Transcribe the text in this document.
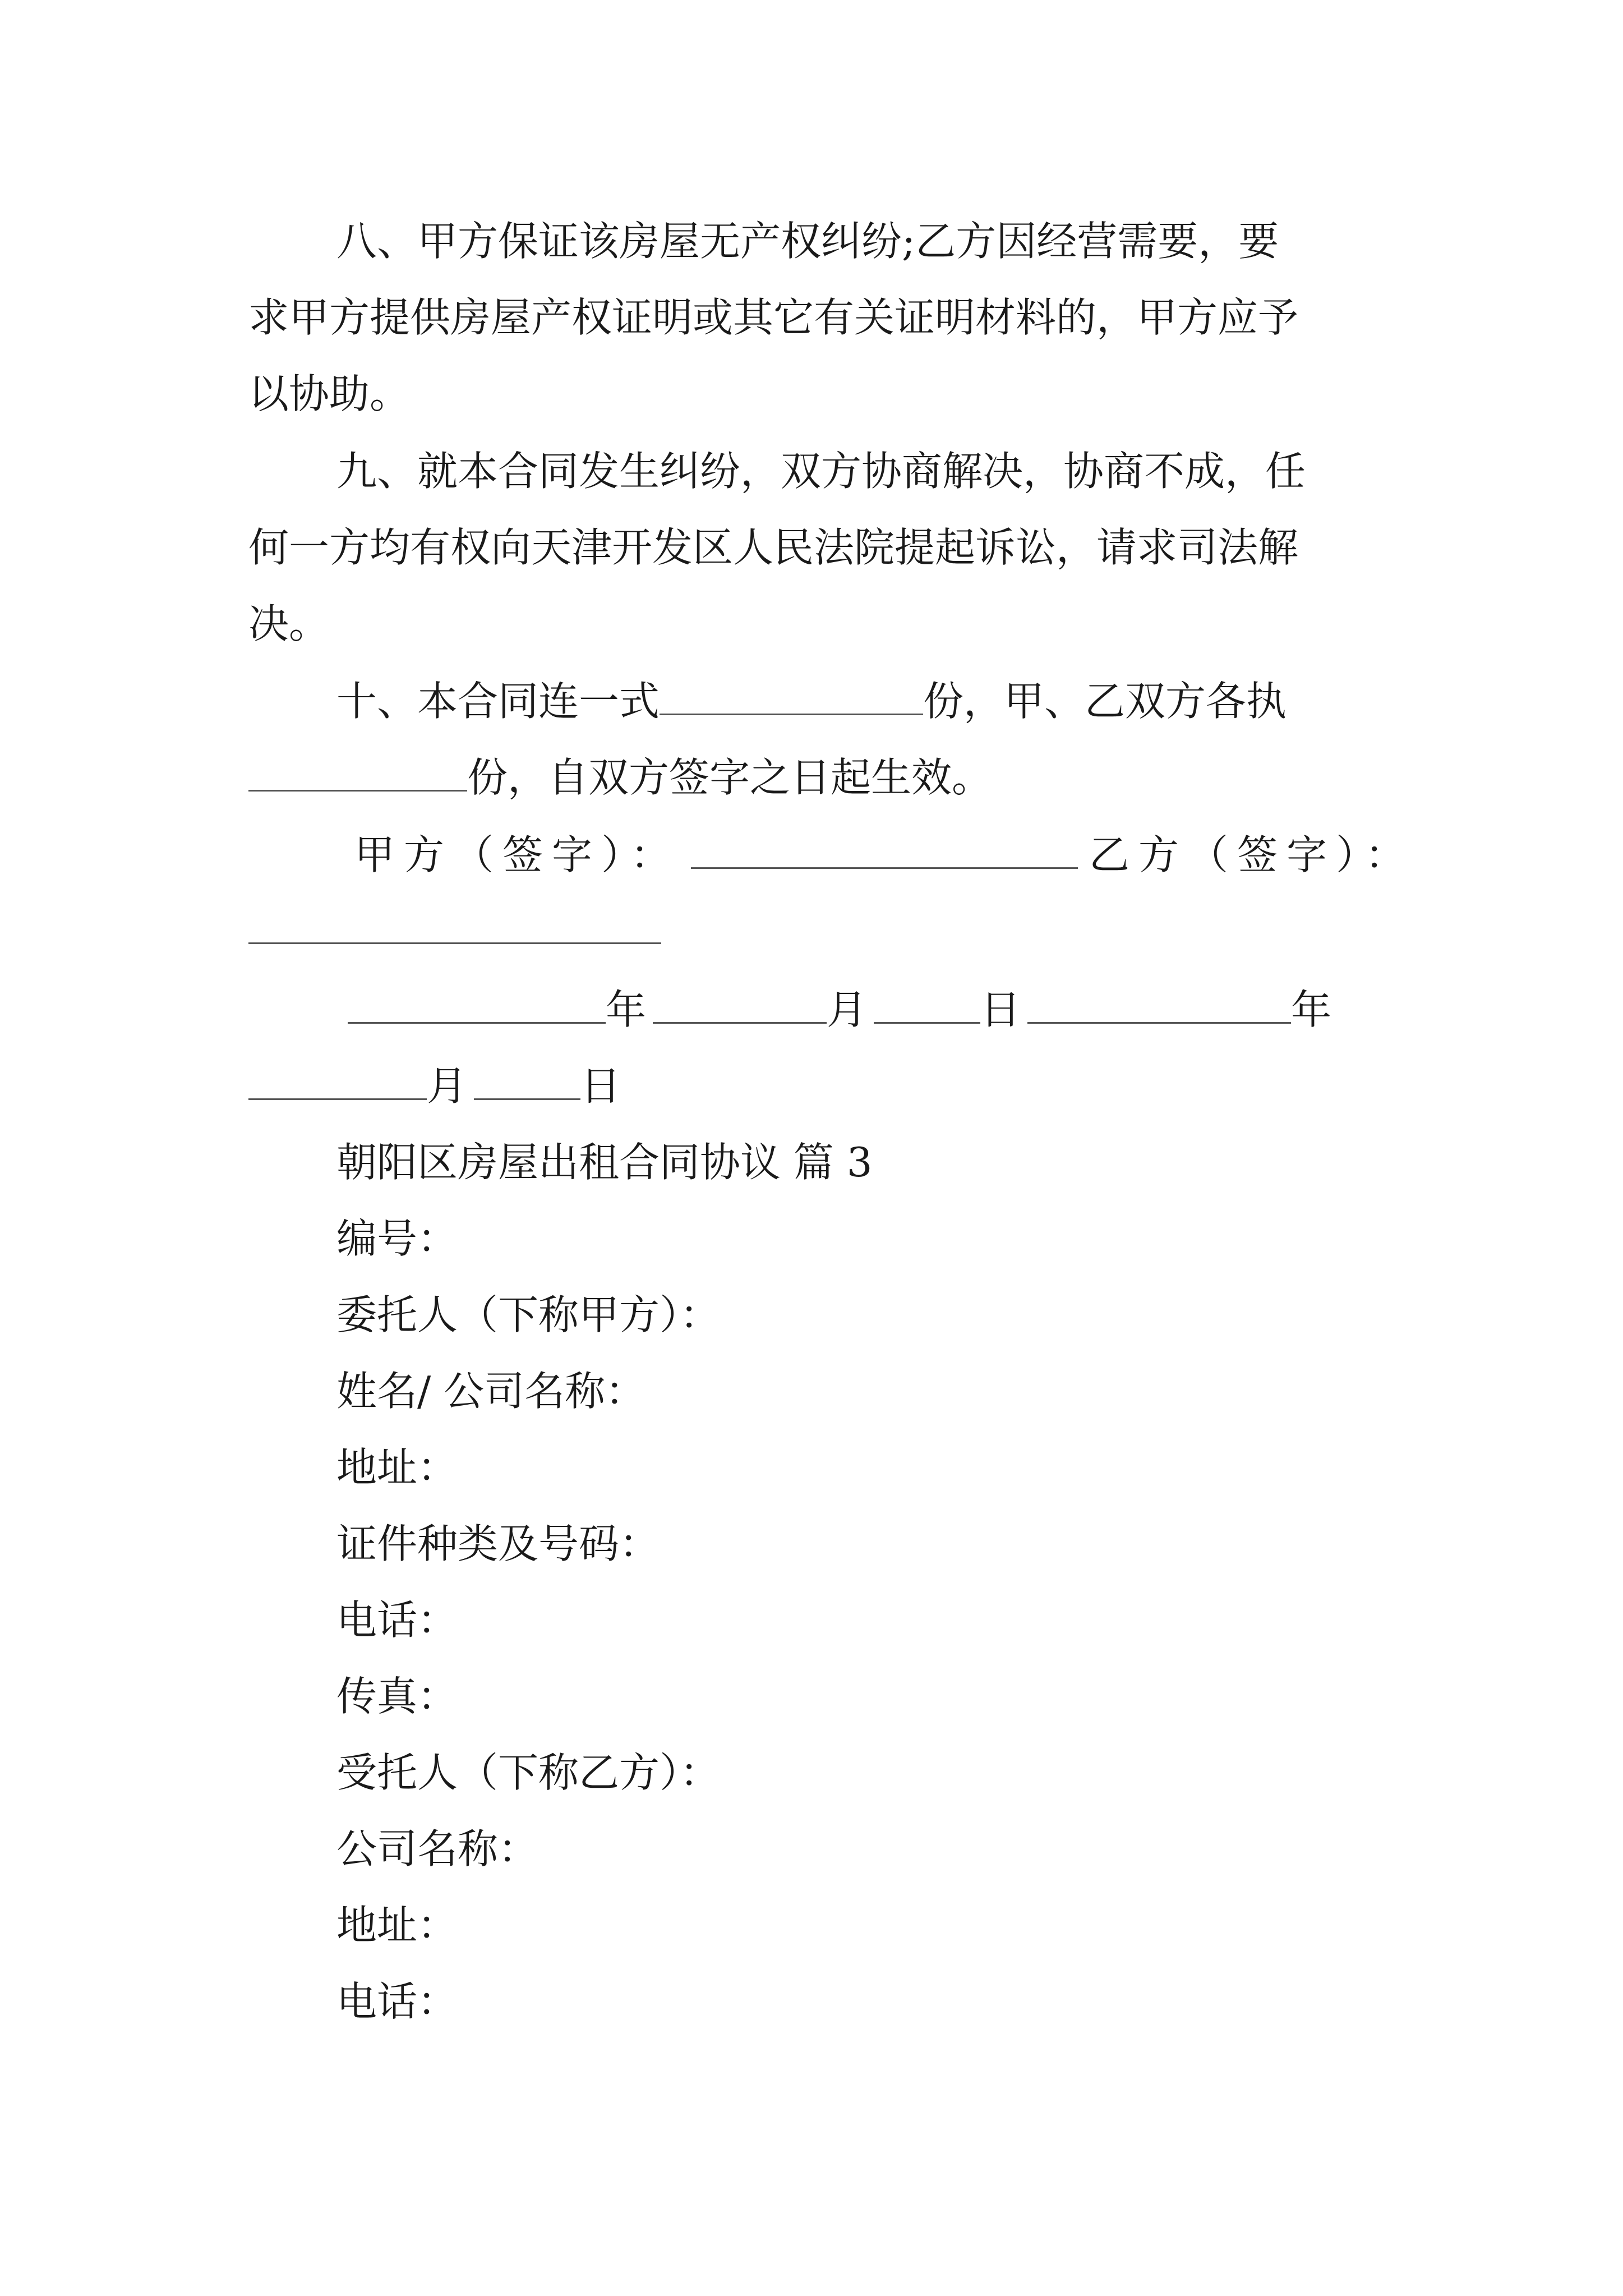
八、甲方保证该房屋无产权纠纷;乙方因经营需要，要
求甲方提供房屋产权证明或其它有关证明材料的，甲方应予
以协助。
九、就本合同发生纠纷，双方协商解决，协商不成，任
何一方均有权向天津开发区人民法院提起诉讼，请求司法解
决。
十、本合同连一式	份，甲、乙双方各执
份，自双方签字之日起生效。
甲方（签字）：	乙方（签字）：
年	月	日	年
月	日
朝阳区房屋出租合同协议 篇 3
编号：
委托人（下称甲方）：
姓名/ 公司名称：
地址：
证件种类及号码：
电话：
传真：
受托人（下称乙方）：
公司名称：
地址：
电话：
